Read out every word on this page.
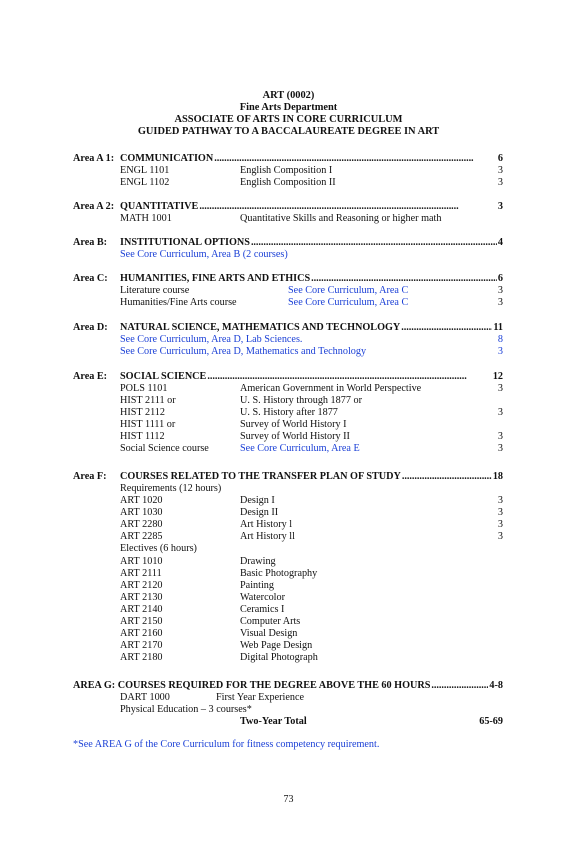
ART (0002)
Fine Arts Department
ASSOCIATE OF ARTS IN CORE CURRICULUM
GUIDED PATHWAY TO A BACCALAUREATE DEGREE IN ART
Area A 1: COMMUNICATION . . .	6
ENGL 1101	English Composition I	3
ENGL 1102	English Composition II	3
Area A 2: QUANTITATIVE . . .	3
MATH 1001	Quantitative Skills and Reasoning or higher math
Area B: INSTITUTIONAL OPTIONS . . .	4
See Core Curriculum, Area B (2 courses)
Area C: HUMANITIES, FINE ARTS AND ETHICS . . .	6
Literature course	See Core Curriculum, Area C	3
Humanities/Fine Arts course	See Core Curriculum, Area C	3
Area D: NATURAL SCIENCE, MATHEMATICS AND TECHNOLOGY . . .	11
See Core Curriculum, Area D, Lab Sciences.	8
See Core Curriculum, Area D, Mathematics and Technology	3
Area E: SOCIAL SCIENCE . . .	12
POLS 1101	American Government in World Perspective	3
HIST 2111 or	U. S. History through 1877 or
HIST 2112	U. S. History after 1877	3
HIST 1111 or	Survey of World History I
HIST 1112	Survey of World History II	3
Social Science course	See Core Curriculum, Area E	3
Area F: COURSES RELATED TO THE TRANSFER PLAN OF STUDY . . .	18
Requirements (12 hours)
ART 1020	Design I	3
ART 1030	Design II	3
ART 2280	Art History l	3
ART 2285	Art History ll	3
Electives (6 hours)
ART 1010	Drawing
ART 2111	Basic Photography
ART 2120	Painting
ART 2130	Watercolor
ART 2140	Ceramics I
ART 2150	Computer Arts
ART 2160	Visual Design
ART 2170	Web Page Design
ART 2180	Digital Photograph
AREA G: COURSES REQUIRED FOR THE DEGREE ABOVE THE 60 HOURS . . .	4-8
DART 1000	First Year Experience
Physical Education – 3 courses*
Two-Year Total	65-69
*See AREA G of the Core Curriculum for fitness competency requirement.
73
